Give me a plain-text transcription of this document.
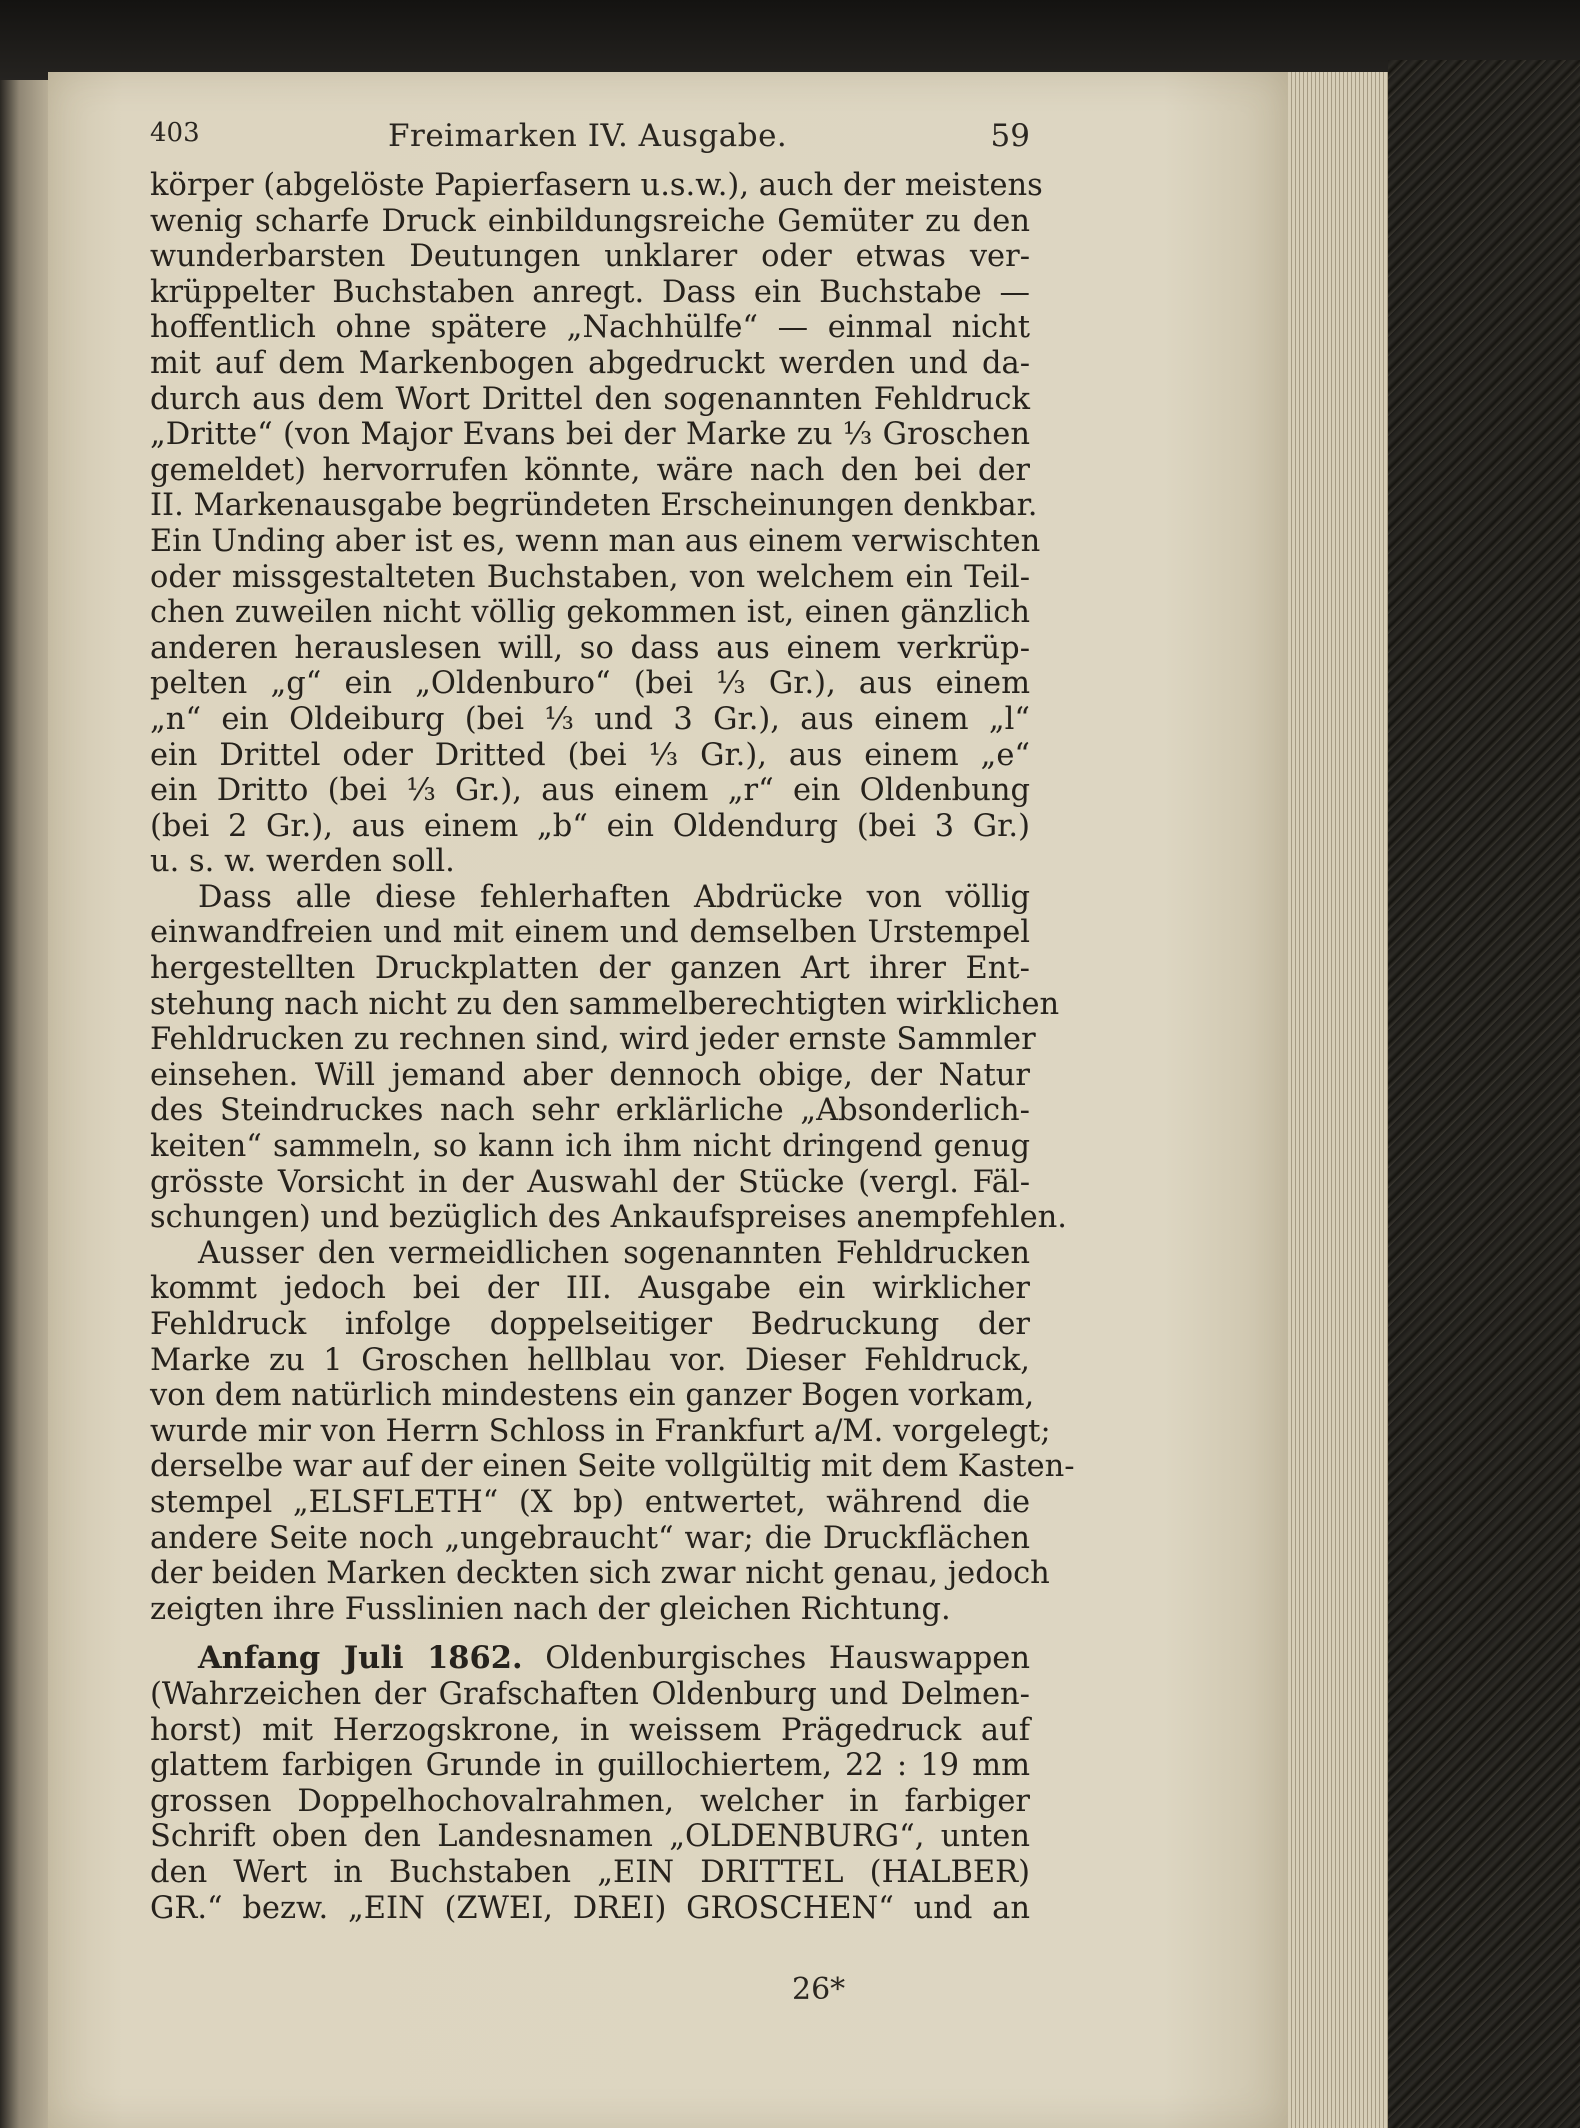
403	Freimarken IV. Ausgabe.	59
körper (abgelöste Papierfasern u.s.w.), auch der meistens
wenig scharfe Druck einbildungsreiche Gemüter zu den
wunderbarsten Deutungen unklarer oder etwas ver-
krüppelter Buchstaben anregt. Dass ein Buchstabe —
hoffentlich ohne spätere „Nachhülfe“ — einmal nicht
mit auf dem Markenbogen abgedruckt werden und da-
durch aus dem Wort Drittel den sogenannten Fehldruck
„Dritte“ (von Major Evans bei der Marke zu ⅓ Groschen
gemeldet) hervorrufen könnte, wäre nach den bei der
II. Markenausgabe begründeten Erscheinungen denkbar.
Ein Unding aber ist es, wenn man aus einem verwischten
oder missgestalteten Buchstaben, von welchem ein Teil-
chen zuweilen nicht völlig gekommen ist, einen gänzlich
anderen herauslesen will, so dass aus einem verkrüp-
pelten „g“ ein „Oldenburo“ (bei ⅓ Gr.), aus einem
„n“ ein Oldeiburg (bei ⅓ und 3 Gr.), aus einem „l“
ein Drittel oder Dritted (bei ⅓ Gr.), aus einem „e“
ein Dritto (bei ⅓ Gr.), aus einem „r“ ein Oldenbung
(bei 2 Gr.), aus einem „b“ ein Oldendurg (bei 3 Gr.)
u. s. w. werden soll.
Dass alle diese fehlerhaften Abdrücke von völlig
einwandfreien und mit einem und demselben Urstempel
hergestellten Druckplatten der ganzen Art ihrer Ent-
stehung nach nicht zu den sammelberechtigten wirklichen
Fehldrucken zu rechnen sind, wird jeder ernste Sammler
einsehen. Will jemand aber dennoch obige, der Natur
des Steindruckes nach sehr erklärliche „Absonderlich-
keiten“ sammeln, so kann ich ihm nicht dringend genug
grösste Vorsicht in der Auswahl der Stücke (vergl. Fäl-
schungen) und bezüglich des Ankaufspreises anempfehlen.
Ausser den vermeidlichen sogenannten Fehldrucken
kommt jedoch bei der III. Ausgabe ein wirklicher
Fehldruck infolge doppelseitiger Bedruckung der
Marke zu 1 Groschen hellblau vor. Dieser Fehldruck,
von dem natürlich mindestens ein ganzer Bogen vorkam,
wurde mir von Herrn Schloss in Frankfurt a/M. vorgelegt;
derselbe war auf der einen Seite vollgültig mit dem Kasten-
stempel „ELSFLETH“ (X bp) entwertet, während die
andere Seite noch „ungebraucht“ war; die Druckflächen
der beiden Marken deckten sich zwar nicht genau, jedoch
zeigten ihre Fusslinien nach der gleichen Richtung.
Anfang Juli 1862. Oldenburgisches Hauswappen
(Wahrzeichen der Grafschaften Oldenburg und Delmen-
horst) mit Herzogskrone, in weissem Prägedruck auf
glattem farbigen Grunde in guillochiertem, 22 : 19 mm
grossen Doppelhochovalrahmen, welcher in farbiger
Schrift oben den Landesnamen „OLDENBURG“, unten
den Wert in Buchstaben „EIN DRITTEL (HALBER)
GR.“ bezw. „EIN (ZWEI, DREI) GROSCHEN“ und an
26*
